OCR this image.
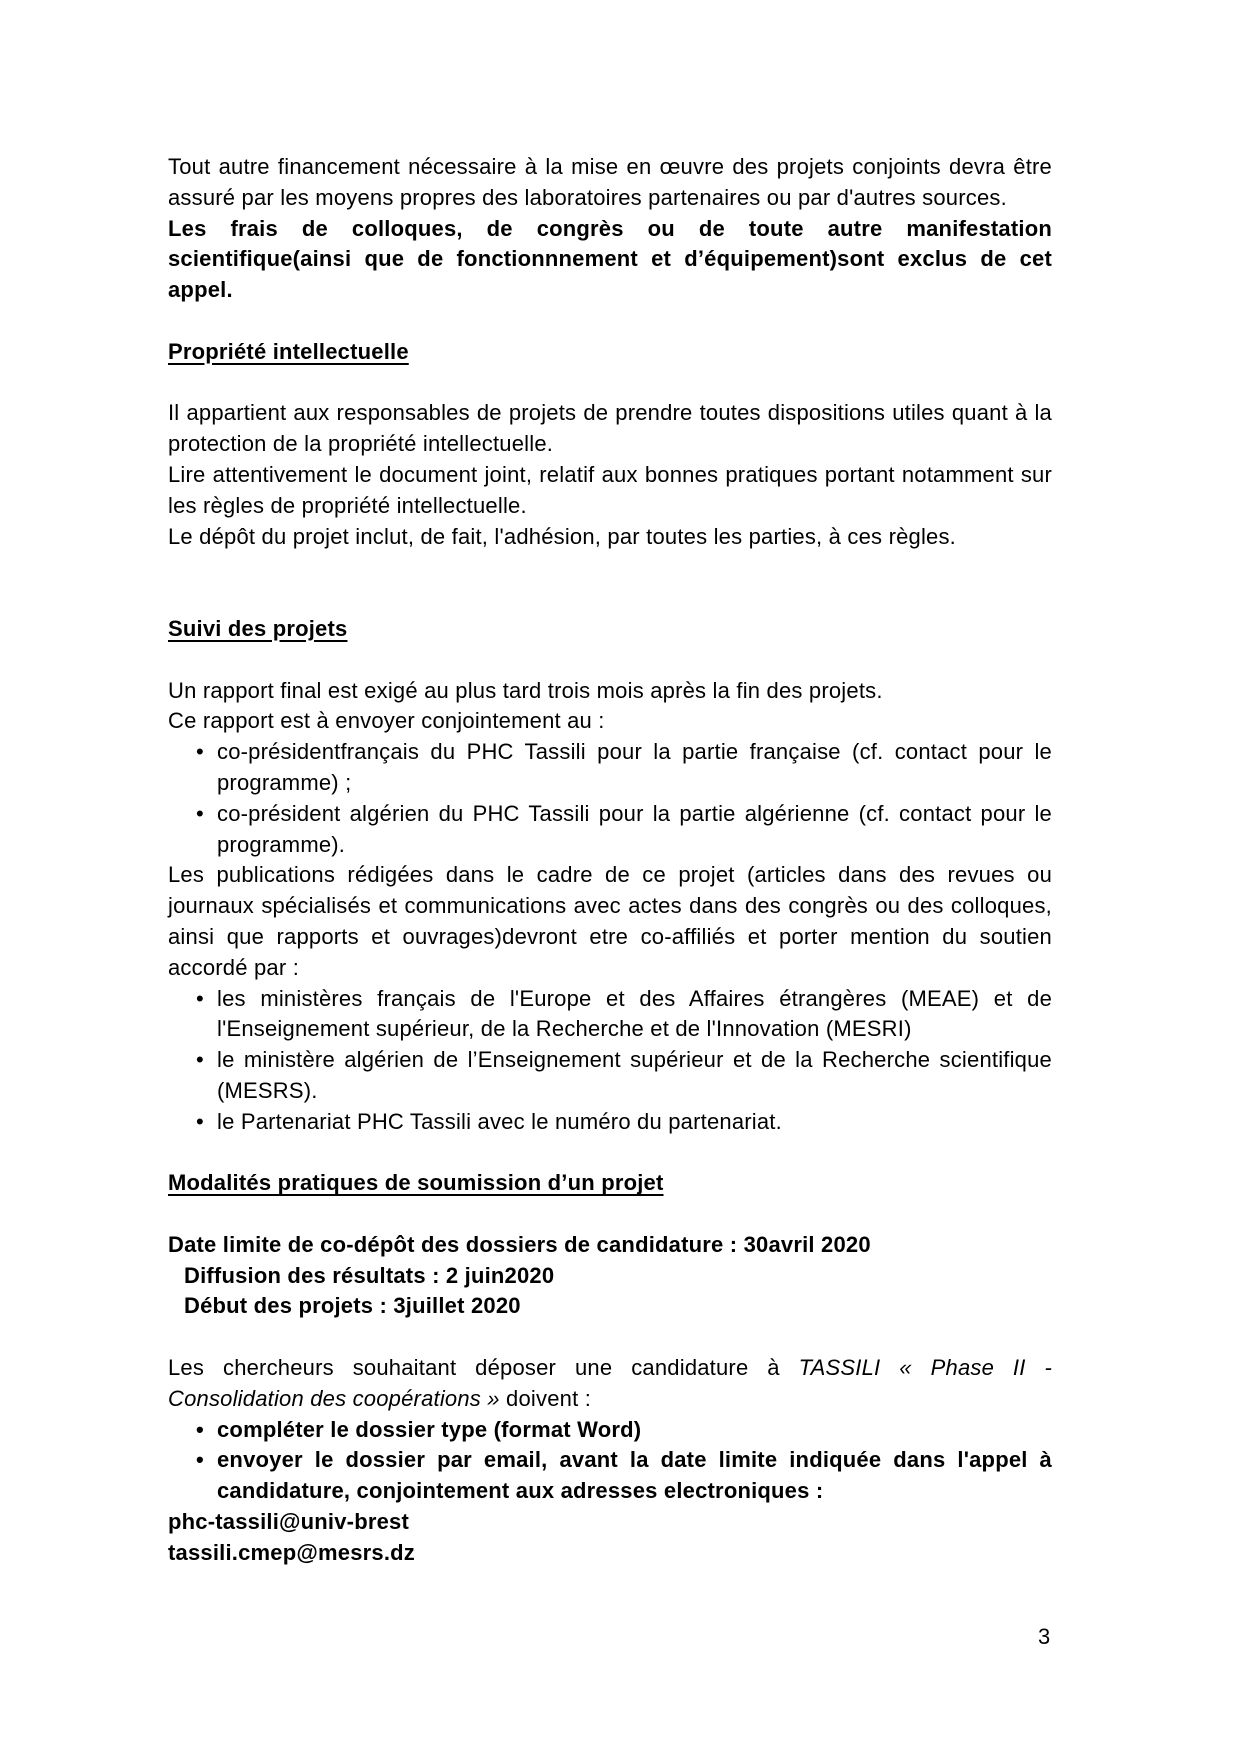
Tout autre financement nécessaire à la mise en œuvre des projets conjoints devra être assuré par les moyens propres des laboratoires partenaires ou par d'autres sources.

Les frais de colloques, de congrès ou de toute autre manifestation scientifique(ainsi que de fonctionnnement et d’équipement)sont exclus de cet appel.

Propriété intellectuelle

Il appartient aux responsables de projets de prendre toutes dispositions utiles quant à la protection de la propriété intellectuelle.

Lire attentivement le document joint, relatif aux bonnes pratiques portant notamment sur les règles de propriété intellectuelle.

Le dépôt du projet inclut, de fait, l'adhésion, par toutes les parties, à ces règles.

Suivi des projets

Un rapport final est exigé au plus tard trois mois après la fin des projets.

Ce rapport est à envoyer conjointement au :

• co-présidentfrançais du PHC Tassili pour la partie française (cf. contact pour le programme) ;
• co-président algérien du PHC Tassili pour la partie algérienne (cf. contact pour le programme).

Les publications rédigées dans le cadre de ce projet (articles dans des revues ou journaux spécialisés et communications avec actes dans des congrès ou des colloques, ainsi que rapports et ouvrages)devront etre co-affiliés et porter mention du soutien accordé par :

• les ministères français de l'Europe et des Affaires étrangères (MEAE) et de l'Enseignement supérieur, de la Recherche et de l'Innovation (MESRI)
• le ministère algérien de l’Enseignement supérieur et de la Recherche scientifique (MESRS).
• le Partenariat PHC Tassili avec le numéro du partenariat.
Modalités pratiques de soumission d’un projet

Date limite de co-dépôt des dossiers de candidature : 30avril 2020

Diffusion des résultats : 2 juin2020

Début des projets : 3juillet 2020

Les chercheurs souhaitant déposer une candidature à TASSILI « Phase II - Consolidation des coopérations » doivent :

• compléter le dossier type (format Word)
• envoyer le dossier par email, avant la date limite indiquée dans l'appel à candidature, conjointement aux adresses electroniques :

phc-tassili@univ-brest

tassili.cmep@mesrs.dz

3
